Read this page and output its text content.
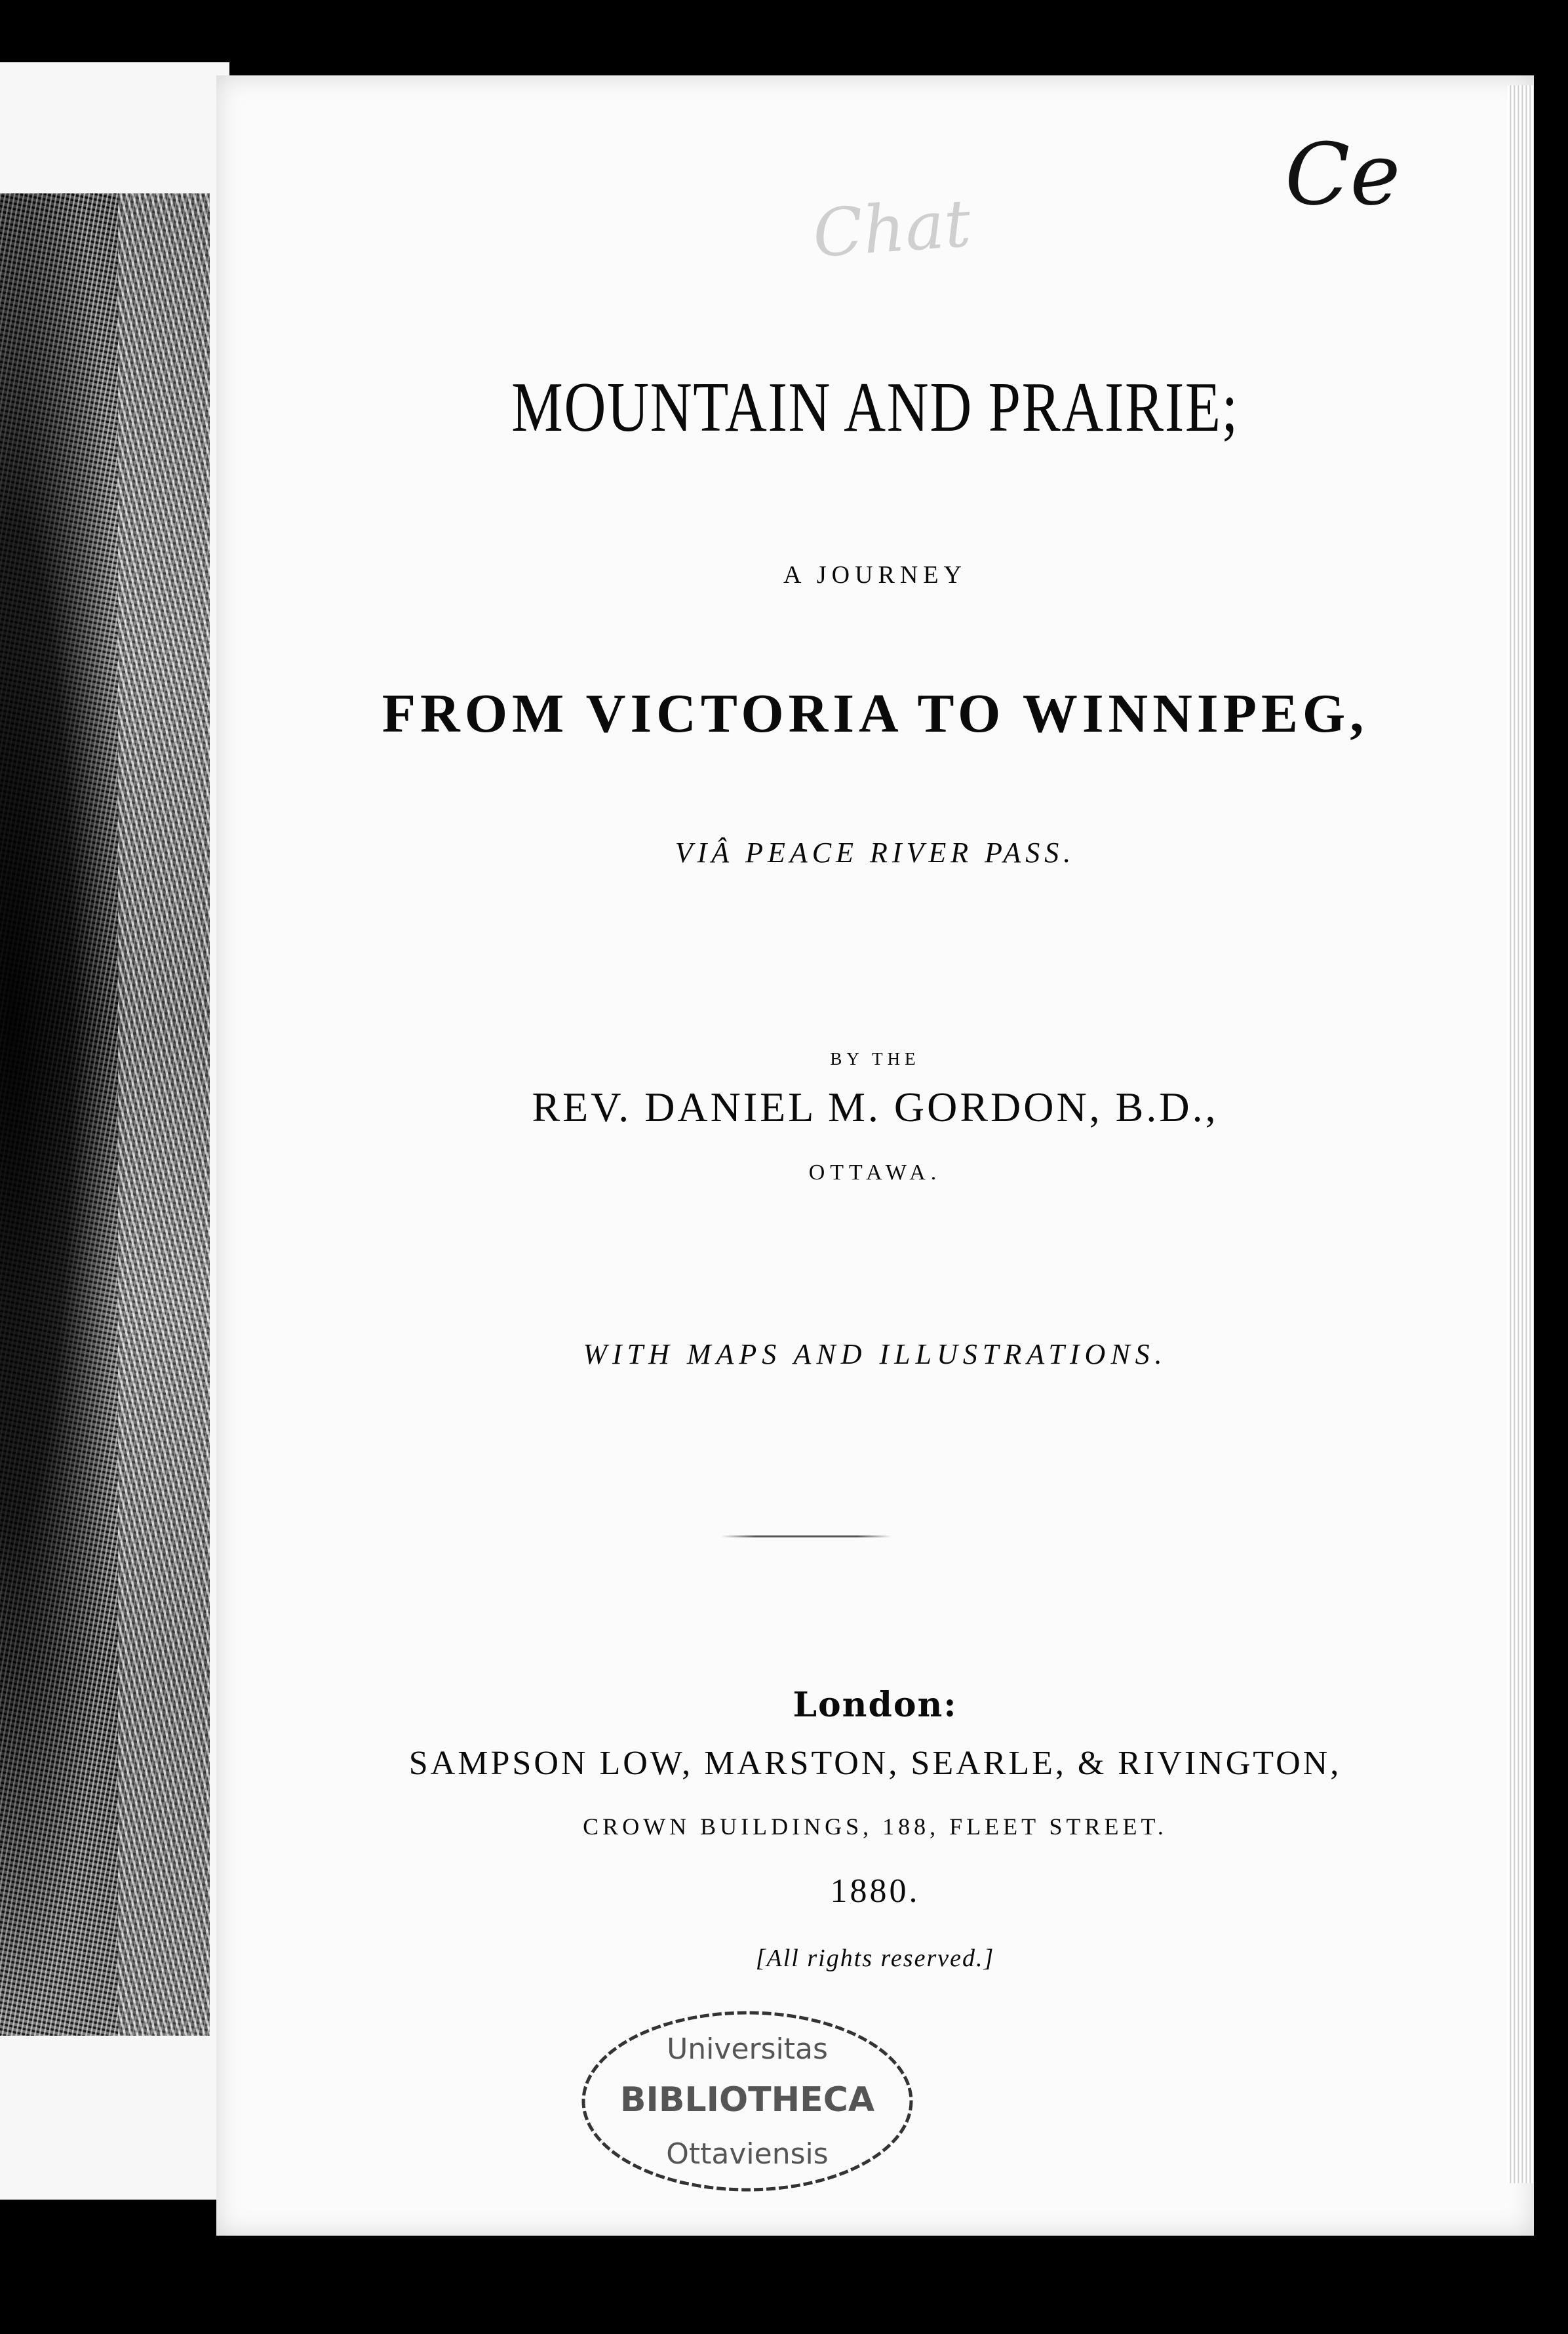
Ce
Chat
MOUNTAIN AND PRAIRIE;
A JOURNEY
FROM VICTORIA TO WINNIPEG,
VIÂ PEACE RIVER PASS.
BY THE
REV. DANIEL M. GORDON, B.D.,
OTTAWA.
WITH MAPS AND ILLUSTRATIONS.
London:
SAMPSON LOW, MARSTON, SEARLE, & RIVINGTON,
CROWN BUILDINGS, 188, FLEET STREET.
1880.
[All rights reserved.]
Universitas
BIBLIOTHECA
Ottaviensis
